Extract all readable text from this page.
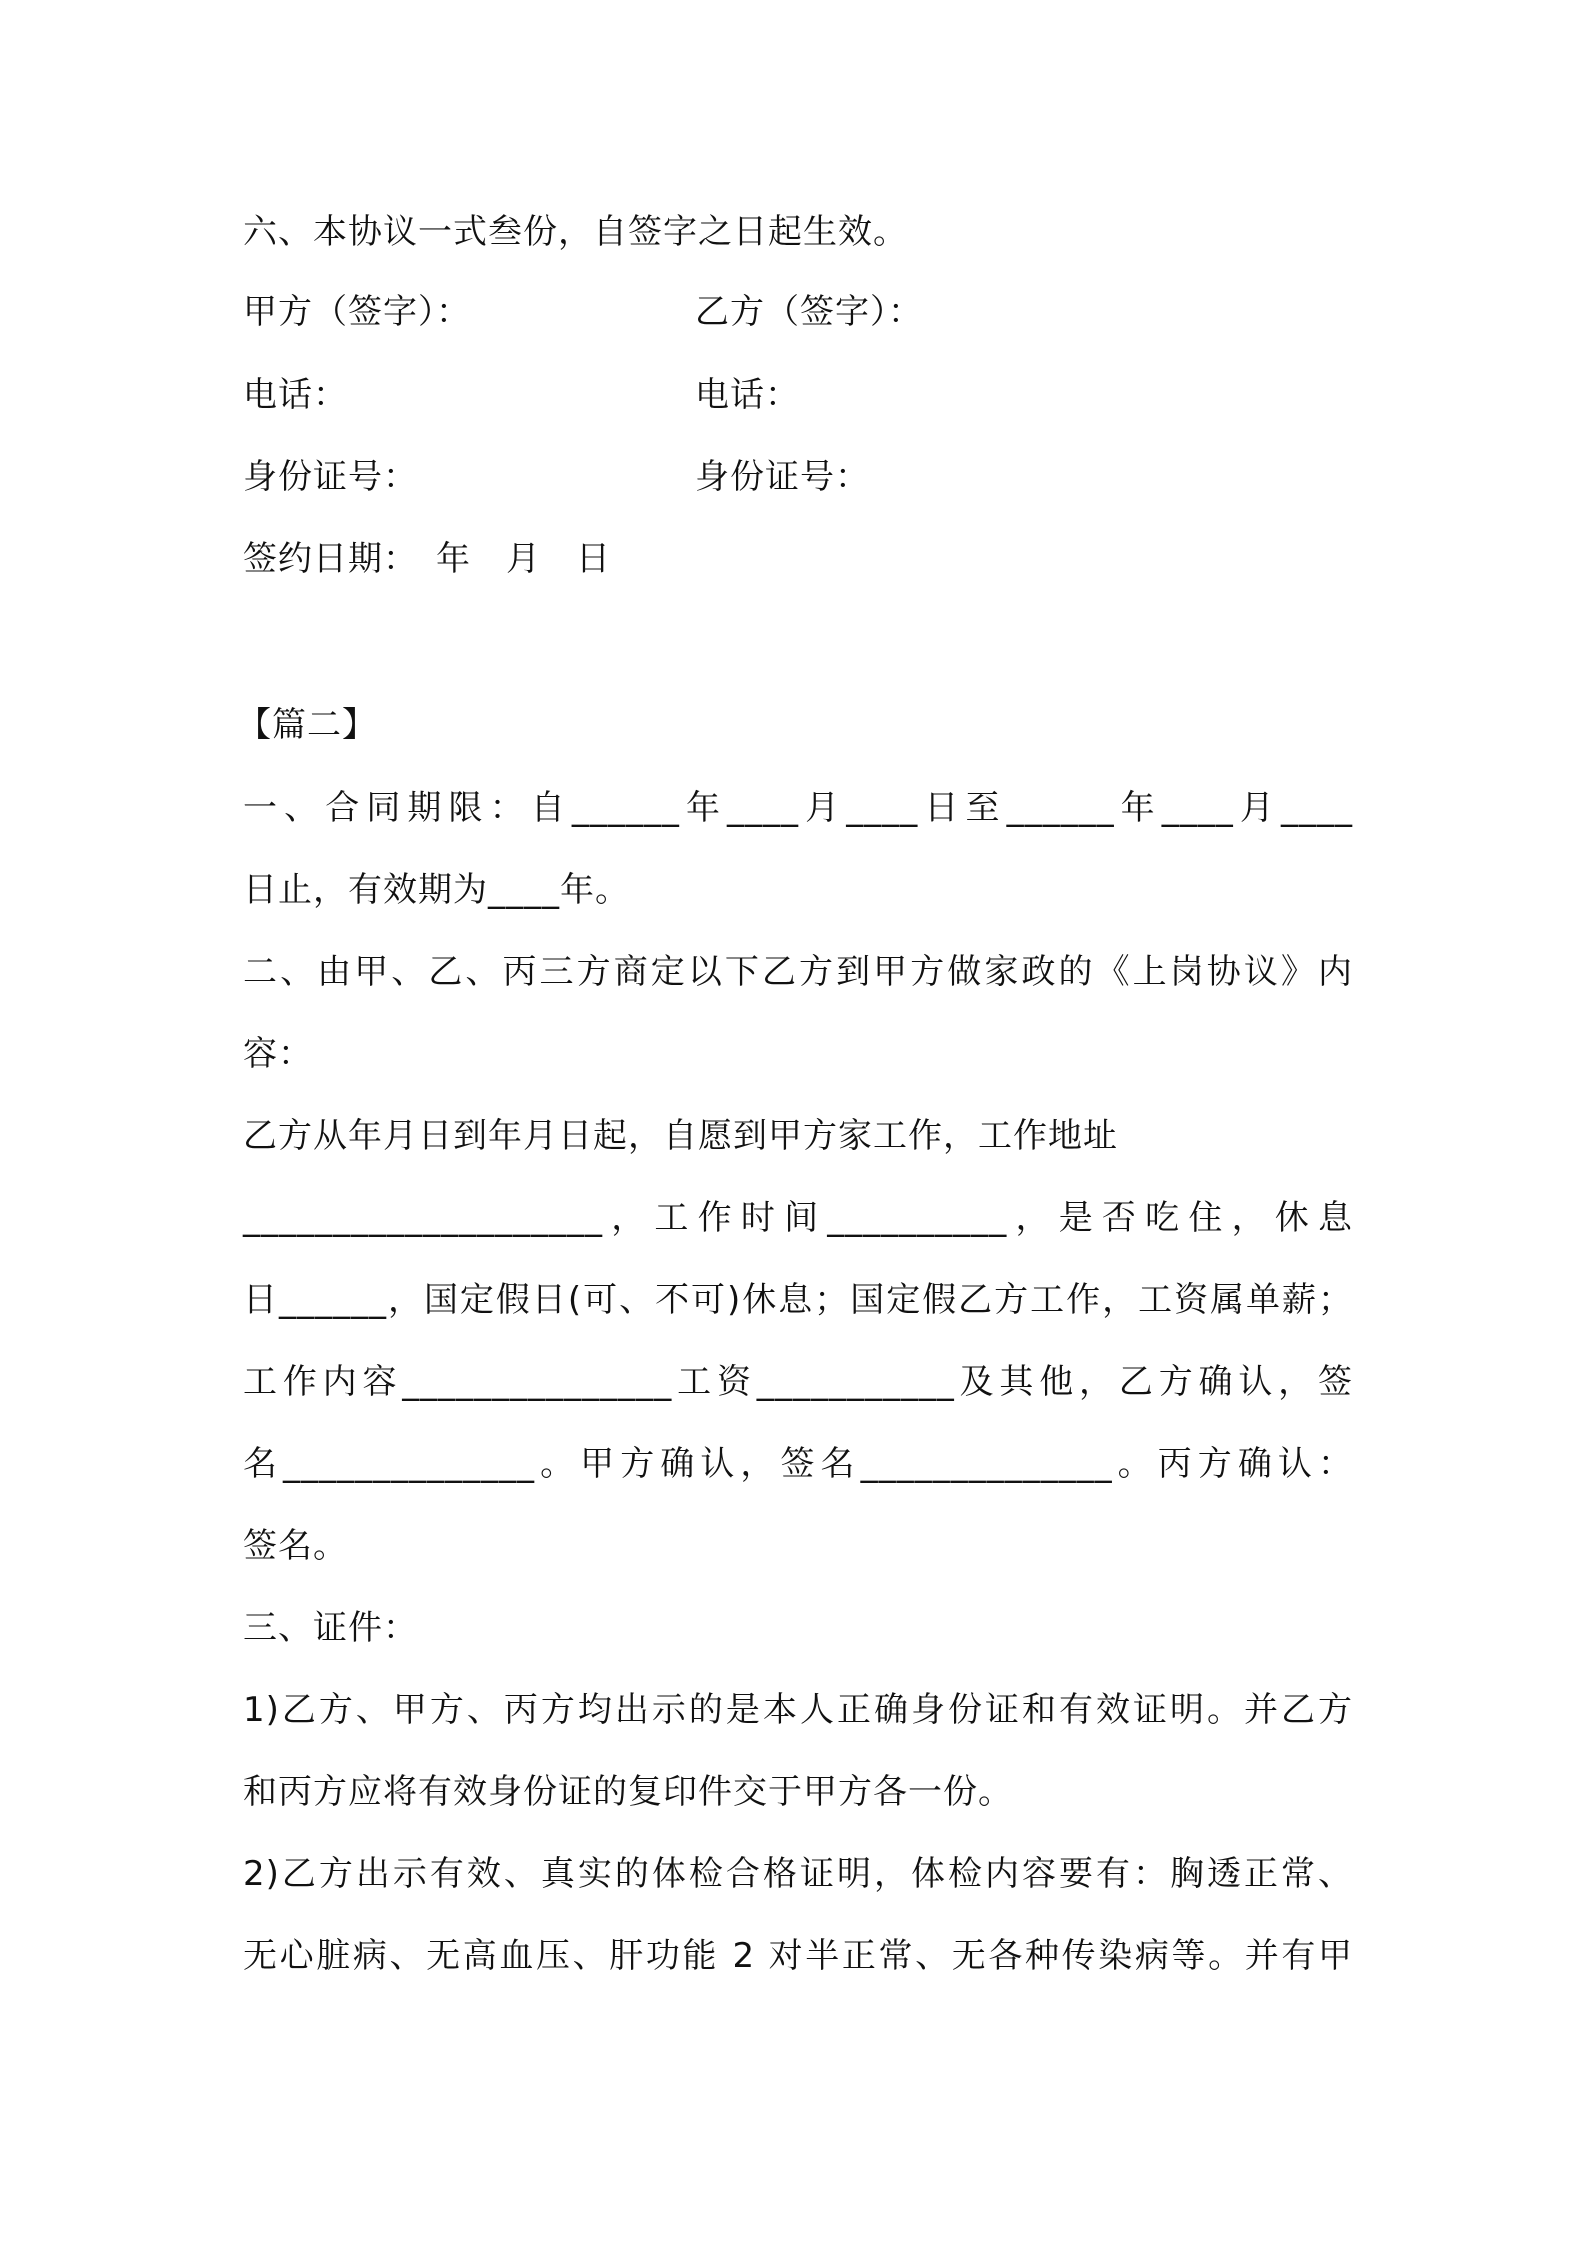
六、本协议一式叁份，自签字之日起生效。
甲方（签字）：	乙方（签字）：
电话：	电话：
身份证号：	身份证号：
签约日期：　年　月　日
【篇二】
一、合同期限：自______年____月____日至______年____月____
日止，有效期为____年。
二、由甲、乙、丙三方商定以下乙方到甲方做家政的《上岗协议》内
容：
乙方从年月日到年月日起，自愿到甲方家工作，工作地址
____________________，工作时间__________，是否吃住，休息
日______，国定假日(可、不可)休息；国定假乙方工作，工资属单薪；
工作内容_______________工资___________及其他，乙方确认，签
名______________。甲方确认，签名______________。丙方确认：
签名。
三、证件：
1)乙方、甲方、丙方均出示的是本人正确身份证和有效证明。并乙方
和丙方应将有效身份证的复印件交于甲方各一份。
2)乙方出示有效、真实的体检合格证明，体检内容要有：胸透正常、
无心脏病、无高血压、肝功能 2 对半正常、无各种传染病等。并有甲
